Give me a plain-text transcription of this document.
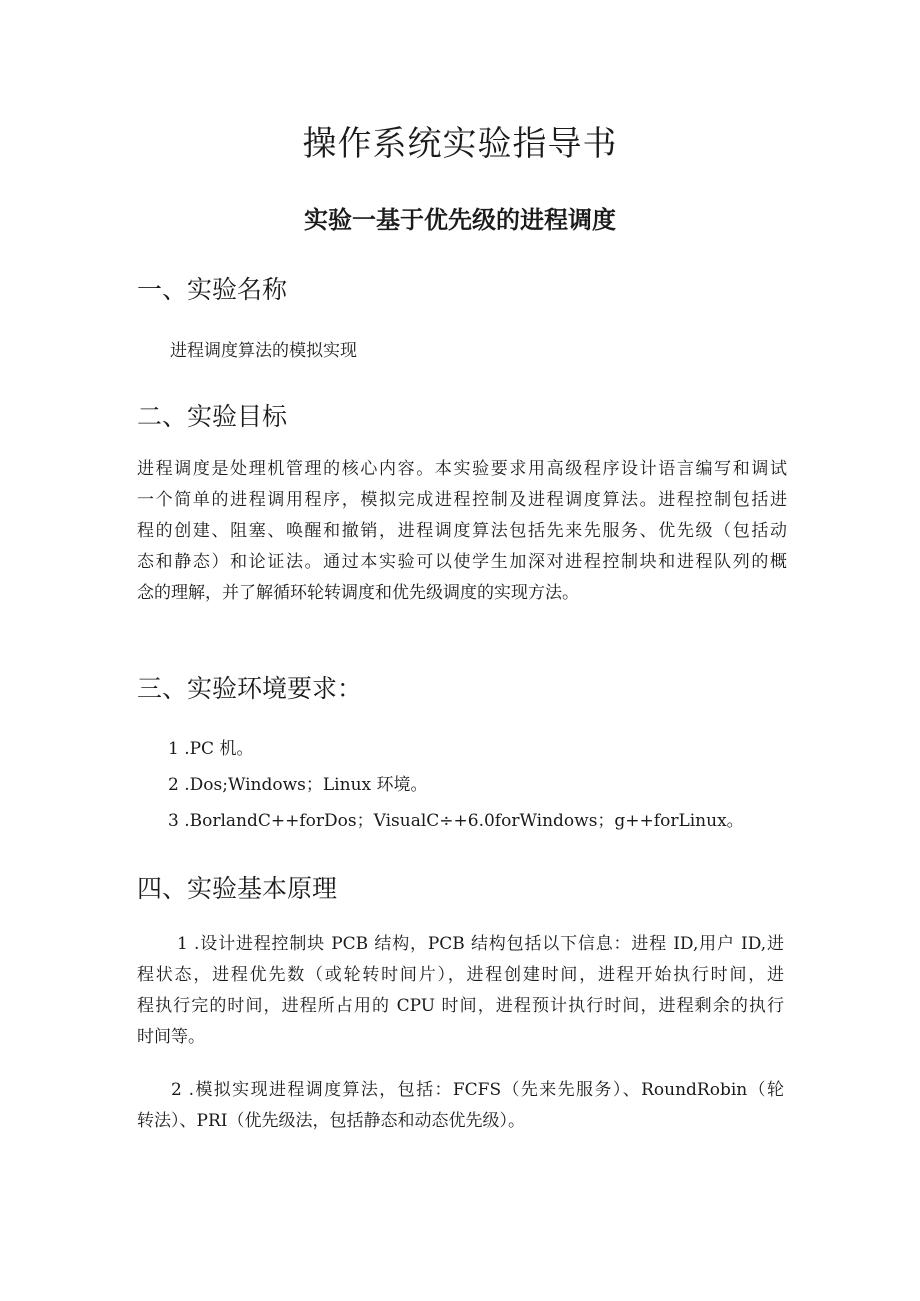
操作系统实验指导书
实验一基于优先级的进程调度
一、实验名称

进程调度算法的模拟实现

二、实验目标
进程调度是处理机管理的核心内容。本实验要求用高级程序设计语言编写和调试
一个简单的进程调用程序，模拟完成进程控制及进程调度算法。进程控制包括进
程的创建、阻塞、唤醒和撤销，进程调度算法包括先来先服务、优先级（包括动
态和静态）和论证法。通过本实验可以使学生加深对进程控制块和进程队列的概
念的理解，并了解循环轮转调度和优先级调度的实现方法。
三、实验环境要求：

1 .PC 机。

2 .Dos;Windows；Linux 环境。

3 .BorlandC++forDos；VisualC÷+6.0forWindows；g++forLinux。

四、实验基本原理
1 .设计进程控制块 PCB 结构，PCB 结构包括以下信息：进程 ID,用户 ID,进
程状态，进程优先数（或轮转时间片），进程创建时间，进程开始执行时间，进
程执行完的时间，进程所占用的 CPU 时间，进程预计执行时间，进程剩余的执行
时间等。
2 .模拟实现进程调度算法，包括：FCFS（先来先服务）、RoundRobin（轮
转法）、PRI（优先级法，包括静态和动态优先级）。
